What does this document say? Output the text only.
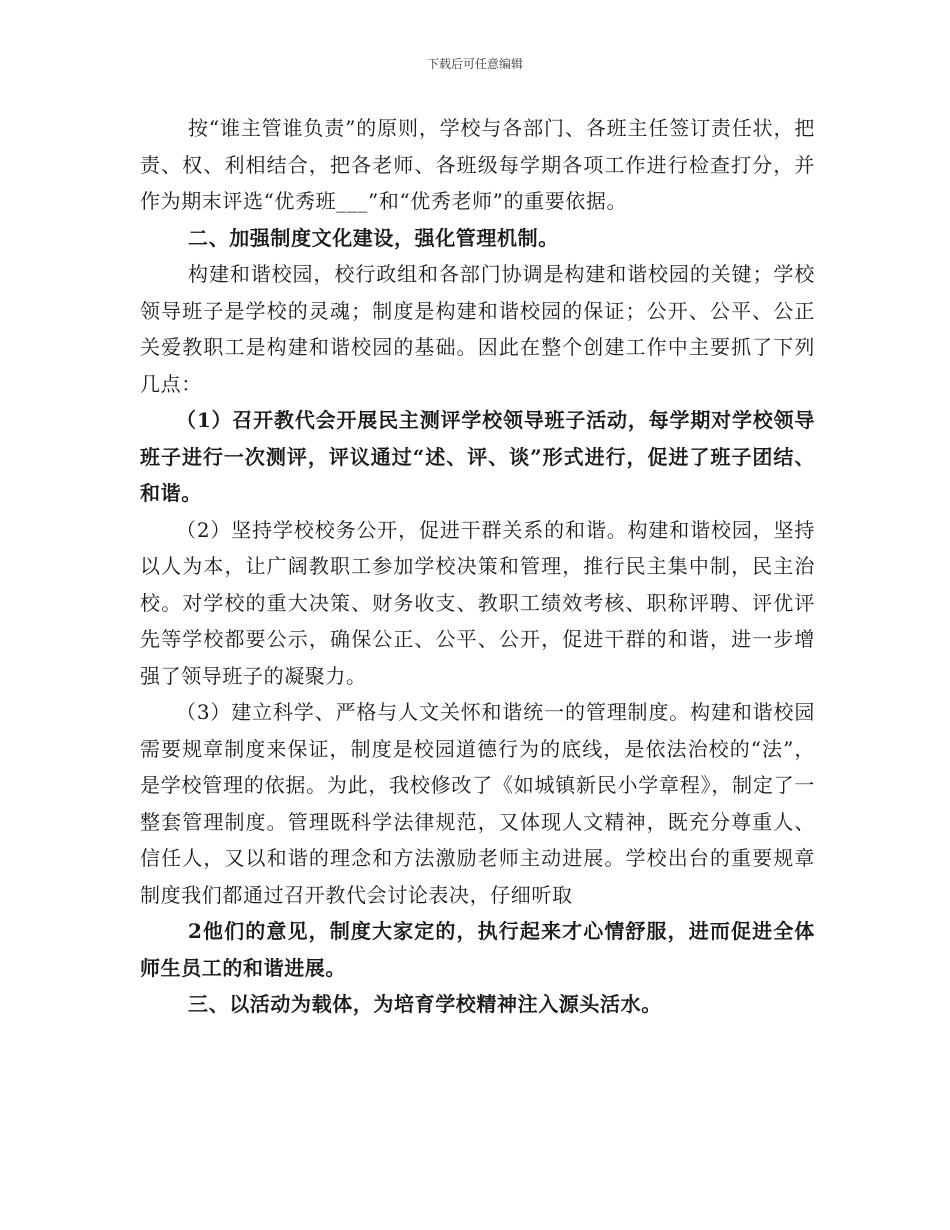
下载后可任意编辑

按“谁主管谁负责”的原则，学校与各部门、各班主任签订责任状，把责、权、利相结合，把各老师、各班级每学期各项工作进行检查打分，并作为期末评选“优秀班___”和“优秀老师”的重要依据。

二、加强制度文化建设，强化管理机制。

构建和谐校园，校行政组和各部门协调是构建和谐校园的关键；学校领导班子是学校的灵魂；制度是构建和谐校园的保证；公开、公平、公正关爱教职工是构建和谐校园的基础。因此在整个创建工作中主要抓了下列几点：

（1）召开教代会开展民主测评学校领导班子活动，每学期对学校领导班子进行一次测评，评议通过“述、评、谈”形式进行，促进了班子团结、和谐。

（2）坚持学校校务公开，促进干群关系的和谐。构建和谐校园，坚持以人为本，让广阔教职工参加学校决策和管理，推行民主集中制，民主治校。对学校的重大决策、财务收支、教职工绩效考核、职称评聘、评优评先等学校都要公示，确保公正、公平、公开，促进干群的和谐，进一步增强了领导班子的凝聚力。

（3）建立科学、严格与人文关怀和谐统一的管理制度。构建和谐校园需要规章制度来保证，制度是校园道德行为的底线，是依法治校的“法”，是学校管理的依据。为此，我校修改了《如城镇新民小学章程》，制定了一整套管理制度。管理既科学法律规范，又体现人文精神，既充分尊重人、信任人，又以和谐的理念和方法激励老师主动进展。学校出台的重要规章制度我们都通过召开教代会讨论表决，仔细听取

2他们的意见，制度大家定的，执行起来才心情舒服，进而促进全体师生员工的和谐进展。

三、以活动为载体，为培育学校精神注入源头活水。
